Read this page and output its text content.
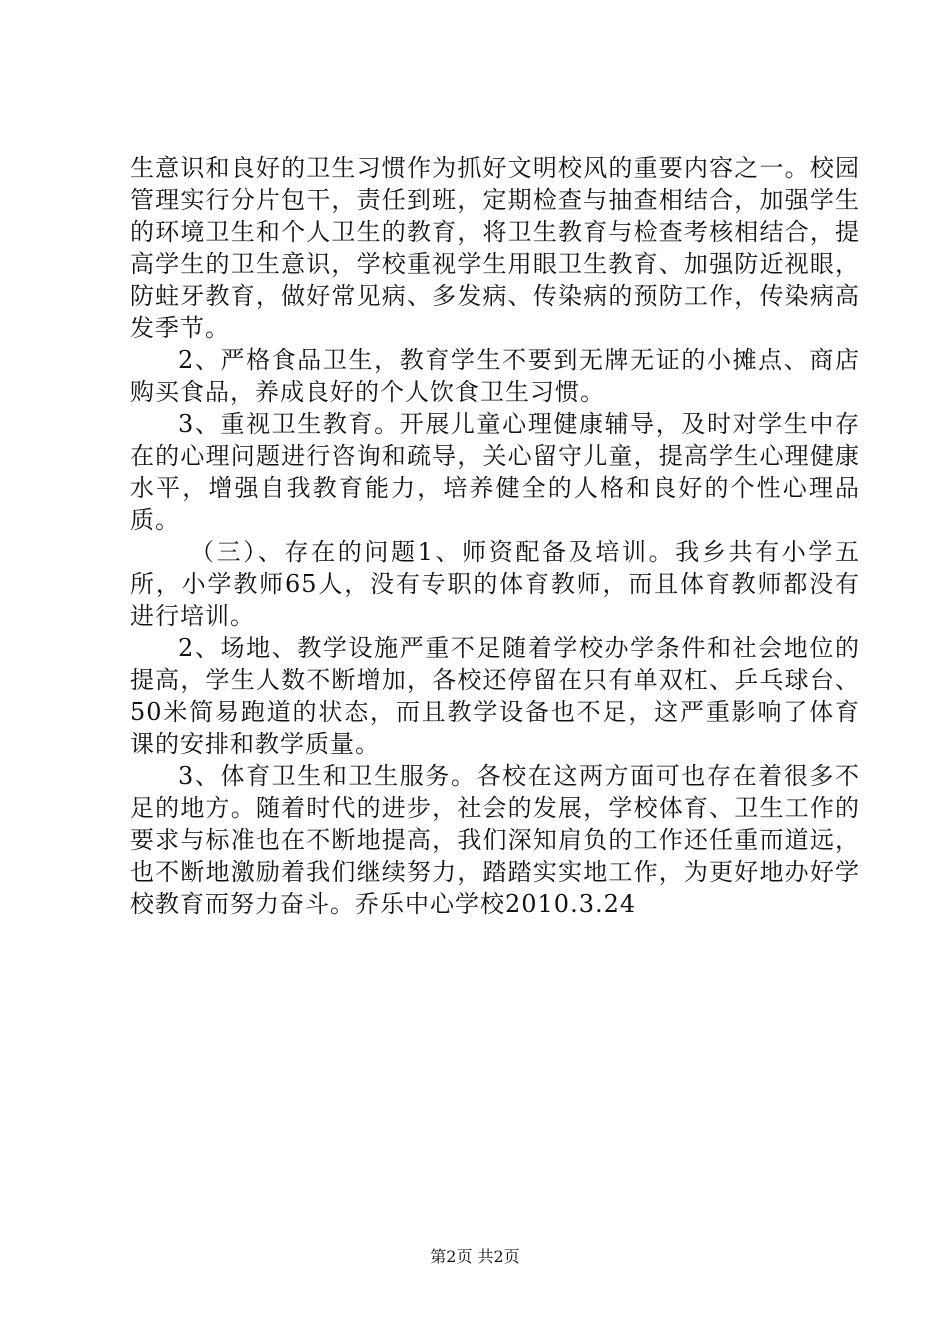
生意识和良好的卫生习惯作为抓好文明校风的重要内容之一。校园管理实行分片包干，责任到班，定期检查与抽查相结合，加强学生的环境卫生和个人卫生的教育，将卫生教育与检查考核相结合，提高学生的卫生意识，学校重视学生用眼卫生教育、加强防近视眼，防蛀牙教育，做好常见病、多发病、传染病的预防工作，传染病高发季节。

2、严格食品卫生，教育学生不要到无牌无证的小摊点、商店购买食品，养成良好的个人饮食卫生习惯。

3、重视卫生教育。开展儿童心理健康辅导，及时对学生中存在的心理问题进行咨询和疏导，关心留守儿童，提高学生心理健康水平，增强自我教育能力，培养健全的人格和良好的个性心理品质。

（三）、存在的问题1、师资配备及培训。我乡共有小学五所，小学教师65人，没有专职的体育教师，而且体育教师都没有进行培训。

2、场地、教学设施严重不足随着学校办学条件和社会地位的提高，学生人数不断增加，各校还停留在只有单双杠、乒乓球台、50米简易跑道的状态，而且教学设备也不足，这严重影响了体育课的安排和教学质量。

3、体育卫生和卫生服务。各校在这两方面可也存在着很多不足的地方。随着时代的进步，社会的发展，学校体育、卫生工作的要求与标准也在不断地提高，我们深知肩负的工作还任重而道远，也不断地激励着我们继续努力，踏踏实实地工作，为更好地办好学校教育而努力奋斗。乔乐中心学校2010.3.24

第2页 共2页
